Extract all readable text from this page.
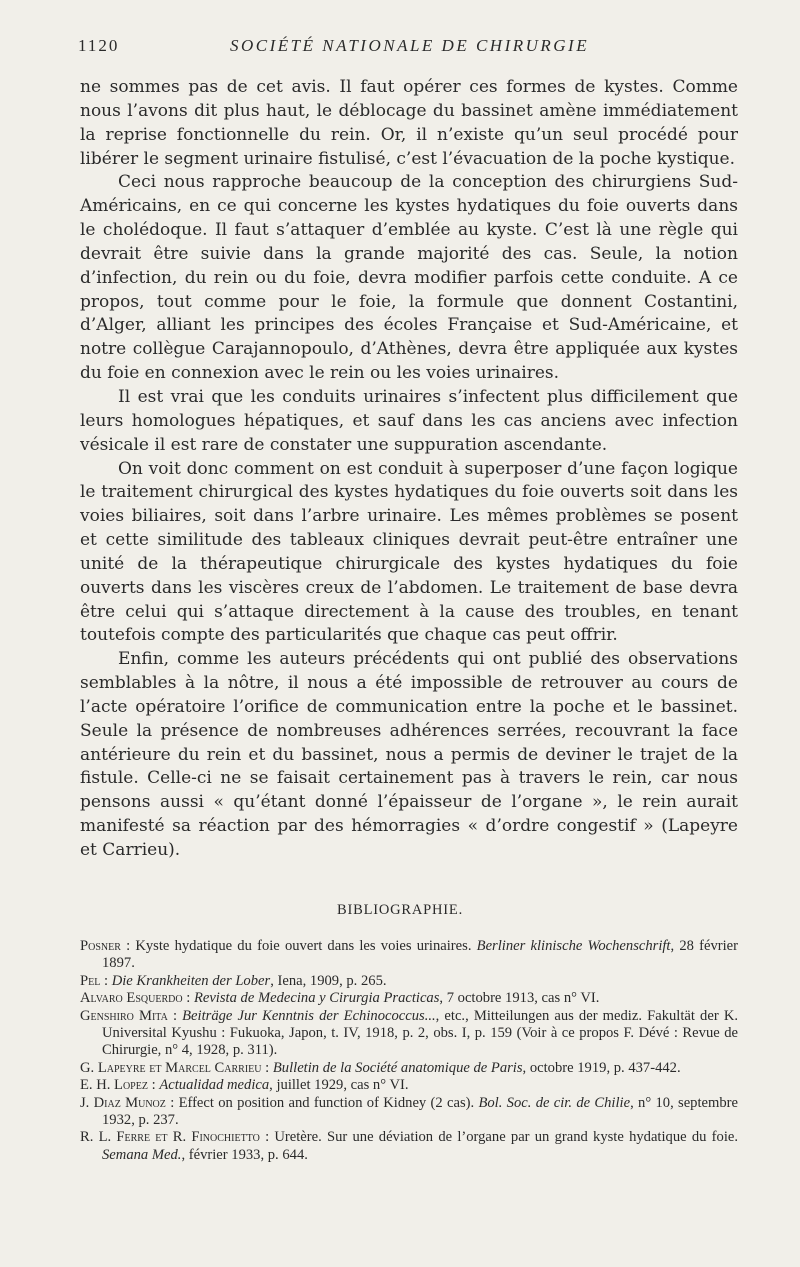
1120	SOCIÉTÉ NATIONALE DE CHIRURGIE

ne sommes pas de cet avis. Il faut opérer ces formes de kystes. Comme nous l’avons dit plus haut, le déblocage du bassinet amène immédiatement la reprise fonctionnelle du rein. Or, il n’existe qu’un seul procédé pour libérer le segment urinaire fistulisé, c’est l’évacuation de la poche kystique.

Ceci nous rapproche beaucoup de la conception des chirurgiens Sud-Américains, en ce qui concerne les kystes hydatiques du foie ouverts dans le cholédoque. Il faut s’attaquer d’emblée au kyste. C’est là une règle qui devrait être suivie dans la grande majorité des cas. Seule, la notion d’infection, du rein ou du foie, devra modifier parfois cette conduite. A ce propos, tout comme pour le foie, la formule que donnent Costantini, d’Alger, alliant les principes des écoles Française et Sud-Américaine, et notre collègue Carajannopoulo, d’Athènes, devra être appliquée aux kystes du foie en connexion avec le rein ou les voies urinaires.

Il est vrai que les conduits urinaires s’infectent plus difficilement que leurs homologues hépatiques, et sauf dans les cas anciens avec infection vésicale il est rare de constater une suppuration ascendante.

On voit donc comment on est conduit à superposer d’une façon logique le traitement chirurgical des kystes hydatiques du foie ouverts soit dans les voies biliaires, soit dans l’arbre urinaire. Les mêmes problèmes se posent et cette similitude des tableaux cliniques devrait peut-être entraîner une unité de la thérapeutique chirurgicale des kystes hydatiques du foie ouverts dans les viscères creux de l’abdomen. Le traitement de base devra être celui qui s’attaque directement à la cause des troubles, en tenant toutefois compte des particularités que chaque cas peut offrir.

Enfin, comme les auteurs précédents qui ont publié des observations semblables à la nôtre, il nous a été impossible de retrouver au cours de l’acte opératoire l’orifice de communication entre la poche et le bassinet. Seule la présence de nombreuses adhérences serrées, recouvrant la face antérieure du rein et du bassinet, nous a permis de deviner le trajet de la fistule. Celle-ci ne se faisait certainement pas à travers le rein, car nous pensons aussi « qu’étant donné l’épaisseur de l’organe », le rein aurait manifesté sa réaction par des hémorragies « d’ordre congestif » (Lapeyre et Carrieu).

BIBLIOGRAPHIE.

Posner : Kyste hydatique du foie ouvert dans les voies urinaires. Berliner klinische Wochenschrift, 28 février 1897.

Pel : Die Krankheiten der Lober, Iena, 1909, p. 265.

Alvaro Esquerdo : Revista de Medecina y Cirurgia Practicas, 7 octobre 1913, cas n° VI.

Genshiro Mita : Beiträge Jur Kenntnis der Echinococcus..., etc., Mitteilungen aus der mediz. Fakultät der K. Universital Kyushu : Fukuoka, Japon, t. IV, 1918, p. 2, obs. I, p. 159 (Voir à ce propos F. Dévé : Revue de Chirurgie, n° 4, 1928, p. 311).

G. Lapeyre et Marcel Carrieu : Bulletin de la Société anatomique de Paris, octobre 1919, p. 437-442.

E. H. Lopez : Actualidad medica, juillet 1929, cas n° VI.

J. Diaz Munoz : Effect on position and function of Kidney (2 cas). Bol. Soc. de cir. de Chilie, n° 10, septembre 1932, p. 237.

R. L. Ferre et R. Finochietto : Uretère. Sur une déviation de l’organe par un grand kyste hydatique du foie. Semana Med., février 1933, p. 644.
